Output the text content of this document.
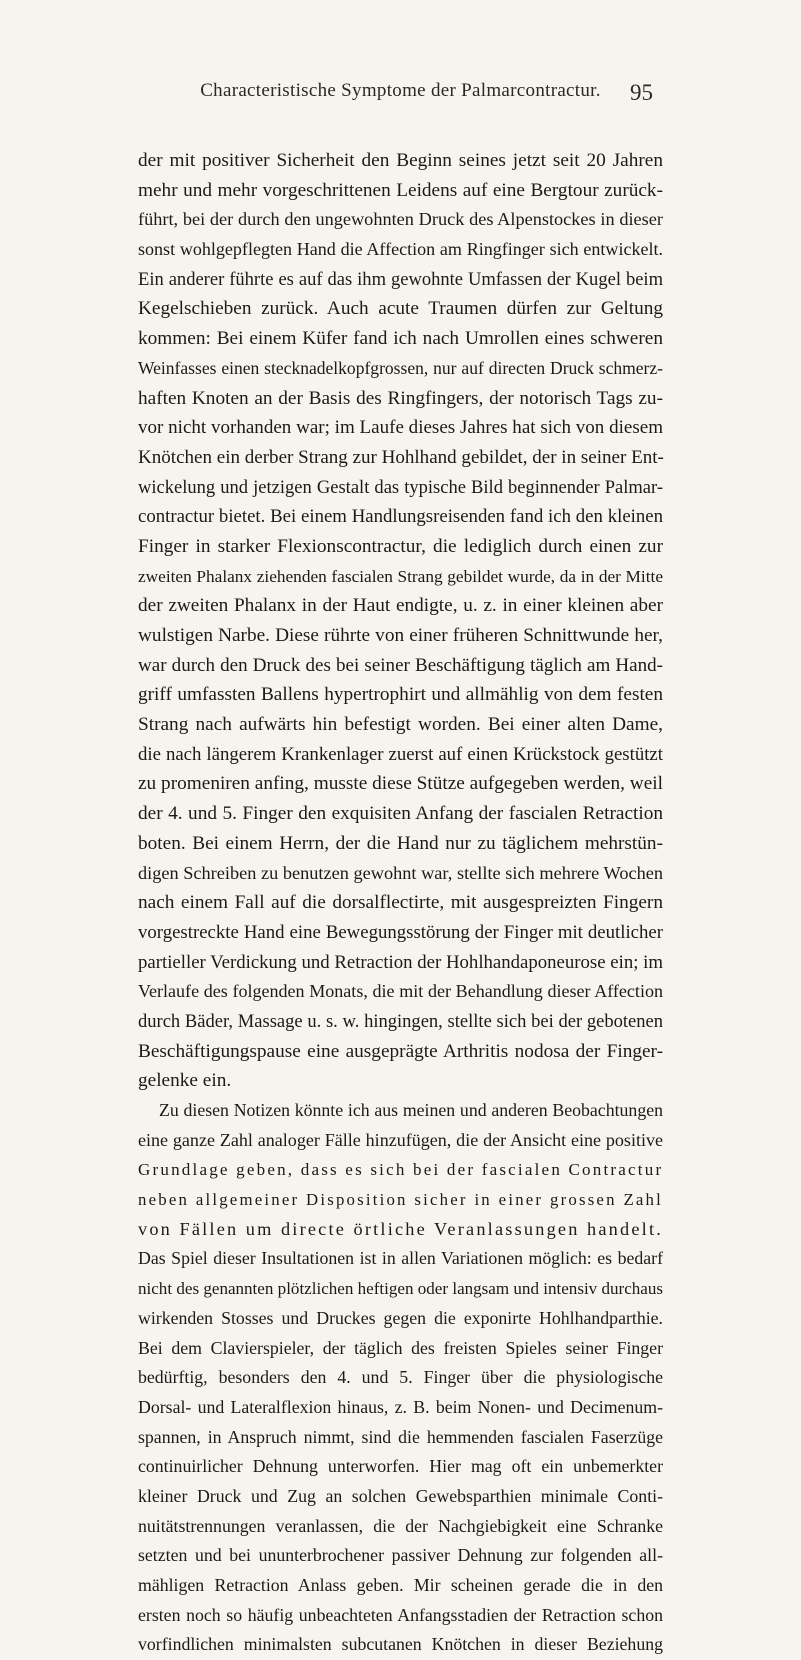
Characteristische Symptome der Palmarcontractur.	95
der mit positiver Sicherheit den Beginn seines jetzt seit 20 Jahren
mehr und mehr vorgeschrittenen Leidens auf eine Bergtour zurück-
führt, bei der durch den ungewohnten Druck des Alpenstockes in dieser
sonst wohlgepflegten Hand die Affection am Ringfinger sich entwickelt.
Ein anderer führte es auf das ihm gewohnte Umfassen der Kugel beim
Kegelschieben zurück. Auch acute Traumen dürfen zur Geltung
kommen: Bei einem Küfer fand ich nach Umrollen eines schweren
Weinfasses einen stecknadelkopfgrossen, nur auf directen Druck schmerz-
haften Knoten an der Basis des Ringfingers, der notorisch Tags zu-
vor nicht vorhanden war; im Laufe dieses Jahres hat sich von diesem
Knötchen ein derber Strang zur Hohlhand gebildet, der in seiner Ent-
wickelung und jetzigen Gestalt das typische Bild beginnender Palmar-
contractur bietet. Bei einem Handlungsreisenden fand ich den kleinen
Finger in starker Flexionscontractur, die lediglich durch einen zur
zweiten Phalanx ziehenden fascialen Strang gebildet wurde, da in der Mitte
der zweiten Phalanx in der Haut endigte, u. z. in einer kleinen aber
wulstigen Narbe. Diese rührte von einer früheren Schnittwunde her,
war durch den Druck des bei seiner Beschäftigung täglich am Hand-
griff umfassten Ballens hypertrophirt und allmählig von dem festen
Strang nach aufwärts hin befestigt worden. Bei einer alten Dame,
die nach längerem Krankenlager zuerst auf einen Krückstock gestützt
zu promeniren anfing, musste diese Stütze aufgegeben werden, weil
der 4. und 5. Finger den exquisiten Anfang der fascialen Retraction
boten. Bei einem Herrn, der die Hand nur zu täglichem mehrstün-
digen Schreiben zu benutzen gewohnt war, stellte sich mehrere Wochen
nach einem Fall auf die dorsalflectirte, mit ausgespreizten Fingern
vorgestreckte Hand eine Bewegungsstörung der Finger mit deutlicher
partieller Verdickung und Retraction der Hohlhandaponeurose ein; im
Verlaufe des folgenden Monats, die mit der Behandlung dieser Affection
durch Bäder, Massage u. s. w. hingingen, stellte sich bei der gebotenen
Beschäftigungspause eine ausgeprägte Arthritis nodosa der Finger-
gelenke ein.
Zu diesen Notizen könnte ich aus meinen und anderen Beobachtungen
eine ganze Zahl analoger Fälle hinzufügen, die der Ansicht eine positive
Grundlage geben, dass es sich bei der fascialen Contractur
neben allgemeiner Disposition sicher in einer grossen Zahl
von Fällen um directe örtliche Veranlassungen handelt.
Das Spiel dieser Insultationen ist in allen Variationen möglich: es bedarf
nicht des genannten plötzlichen heftigen oder langsam und intensiv durchaus
wirkenden Stosses und Druckes gegen die exponirte Hohlhandparthie.
Bei dem Clavierspieler, der täglich des freisten Spieles seiner Finger
bedürftig, besonders den 4. und 5. Finger über die physiologische
Dorsal- und Lateralflexion hinaus, z. B. beim Nonen- und Decimenum-
spannen, in Anspruch nimmt, sind die hemmenden fascialen Faserzüge
continuirlicher Dehnung unterworfen. Hier mag oft ein unbemerkter
kleiner Druck und Zug an solchen Gewebsparthien minimale Conti-
nuitätstrennungen veranlassen, die der Nachgiebigkeit eine Schranke
setzten und bei ununterbrochener passiver Dehnung zur folgenden all-
mähligen Retraction Anlass geben. Mir scheinen gerade die in den
ersten noch so häufig unbeachteten Anfangsstadien der Retraction schon
vorfindlichen minimalsten subcutanen Knötchen in dieser Beziehung
